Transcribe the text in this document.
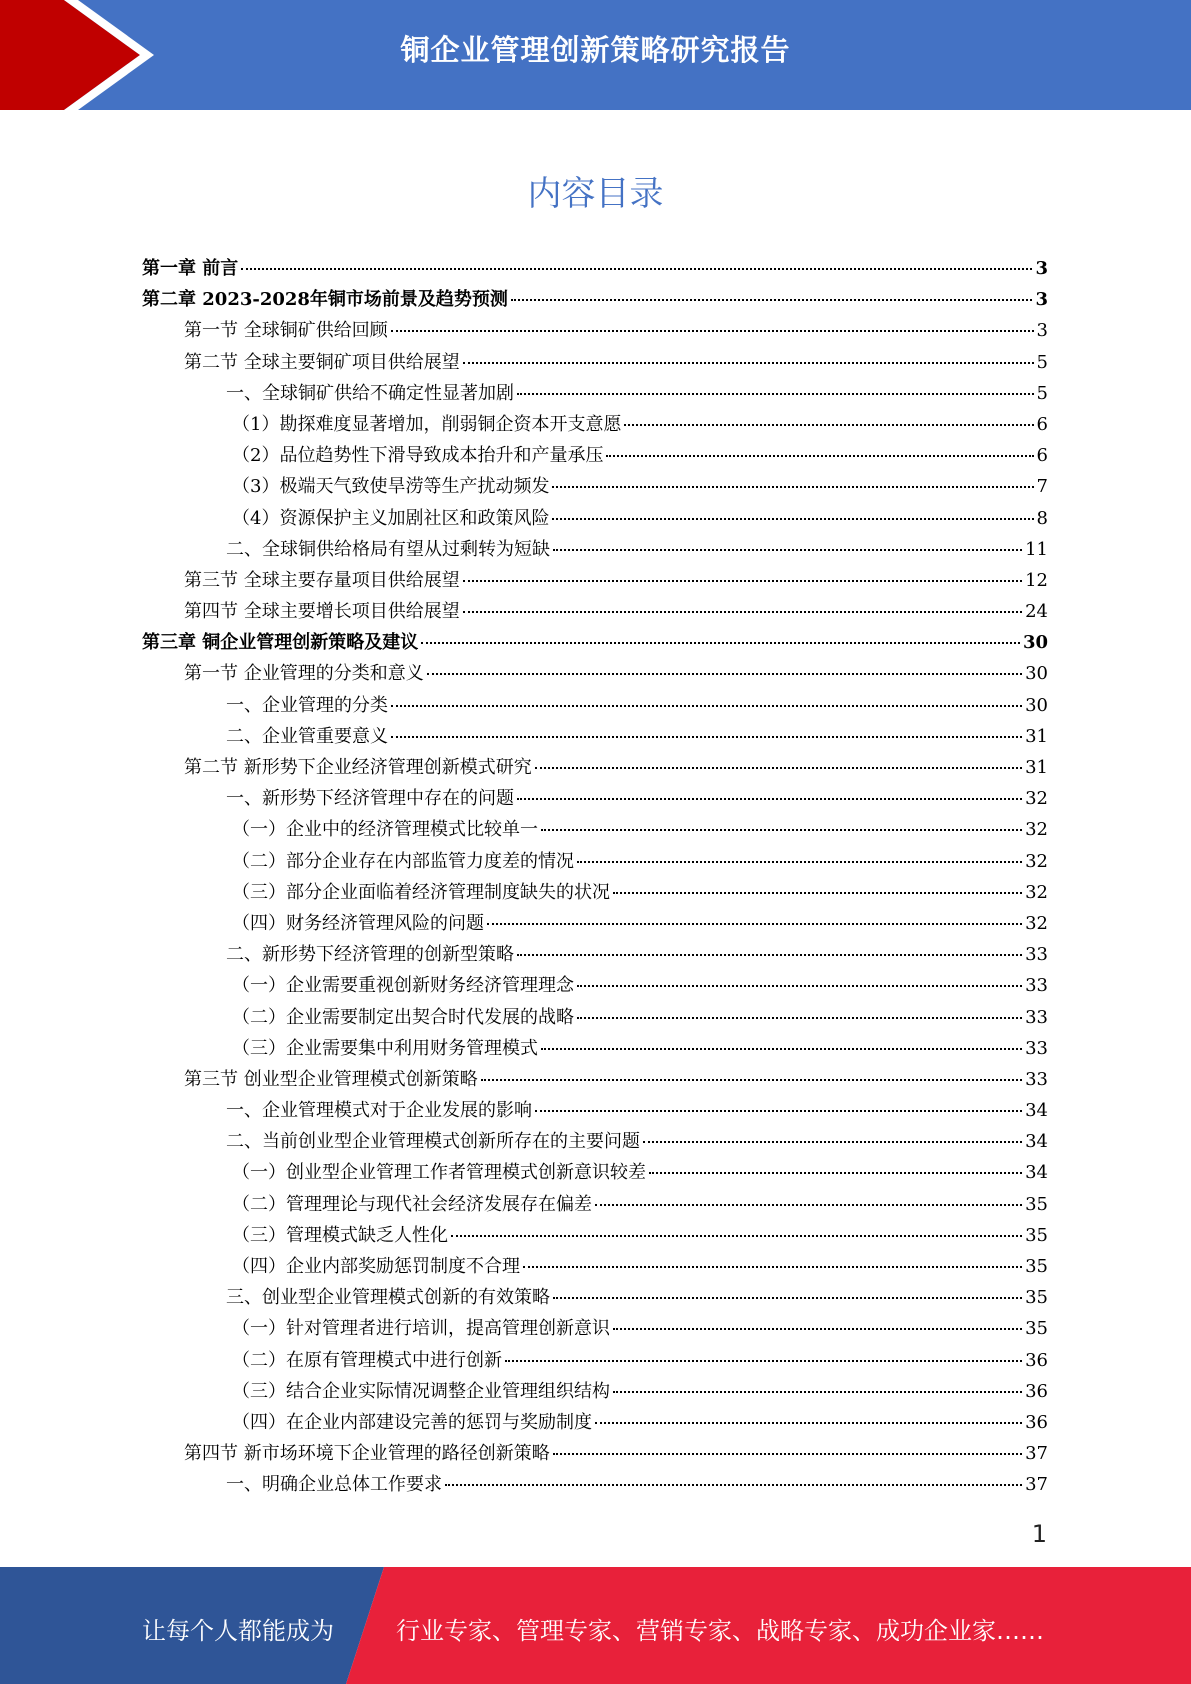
铜企业管理创新策略研究报告
内容目录
第一章 前言	3
第二章 2023-2028年铜市场前景及趋势预测	3
第一节 全球铜矿供给回顾	3
第二节 全球主要铜矿项目供给展望	5
一、全球铜矿供给不确定性显著加剧	5
（1）勘探难度显著增加，削弱铜企资本开支意愿	6
（2）品位趋势性下滑导致成本抬升和产量承压	6
（3）极端天气致使旱涝等生产扰动频发	7
（4）资源保护主义加剧社区和政策风险	8
二、全球铜供给格局有望从过剩转为短缺	11
第三节 全球主要存量项目供给展望	12
第四节 全球主要增长项目供给展望	24
第三章 铜企业管理创新策略及建议	30
第一节 企业管理的分类和意义	30
一、企业管理的分类	30
二、企业管重要意义	31
第二节 新形势下企业经济管理创新模式研究	31
一、新形势下经济管理中存在的问题	32
（一）企业中的经济管理模式比较单一	32
（二）部分企业存在内部监管力度差的情况	32
（三）部分企业面临着经济管理制度缺失的状况	32
（四）财务经济管理风险的问题	32
二、新形势下经济管理的创新型策略	33
（一）企业需要重视创新财务经济管理理念	33
（二）企业需要制定出契合时代发展的战略	33
（三）企业需要集中利用财务管理模式	33
第三节 创业型企业管理模式创新策略	33
一、企业管理模式对于企业发展的影响	34
二、当前创业型企业管理模式创新所存在的主要问题	34
（一）创业型企业管理工作者管理模式创新意识较差	34
（二）管理理论与现代社会经济发展存在偏差	35
（三）管理模式缺乏人性化	35
（四）企业内部奖励惩罚制度不合理	35
三、创业型企业管理模式创新的有效策略	35
（一）针对管理者进行培训，提高管理创新意识	35
（二）在原有管理模式中进行创新	36
（三）结合企业实际情况调整企业管理组织结构	36
（四）在企业内部建设完善的惩罚与奖励制度	36
第四节 新市场环境下企业管理的路径创新策略	37
一、明确企业总体工作要求	37
1
让每个人都能成为	行业专家、管理专家、营销专家、战略专家、成功企业家……
